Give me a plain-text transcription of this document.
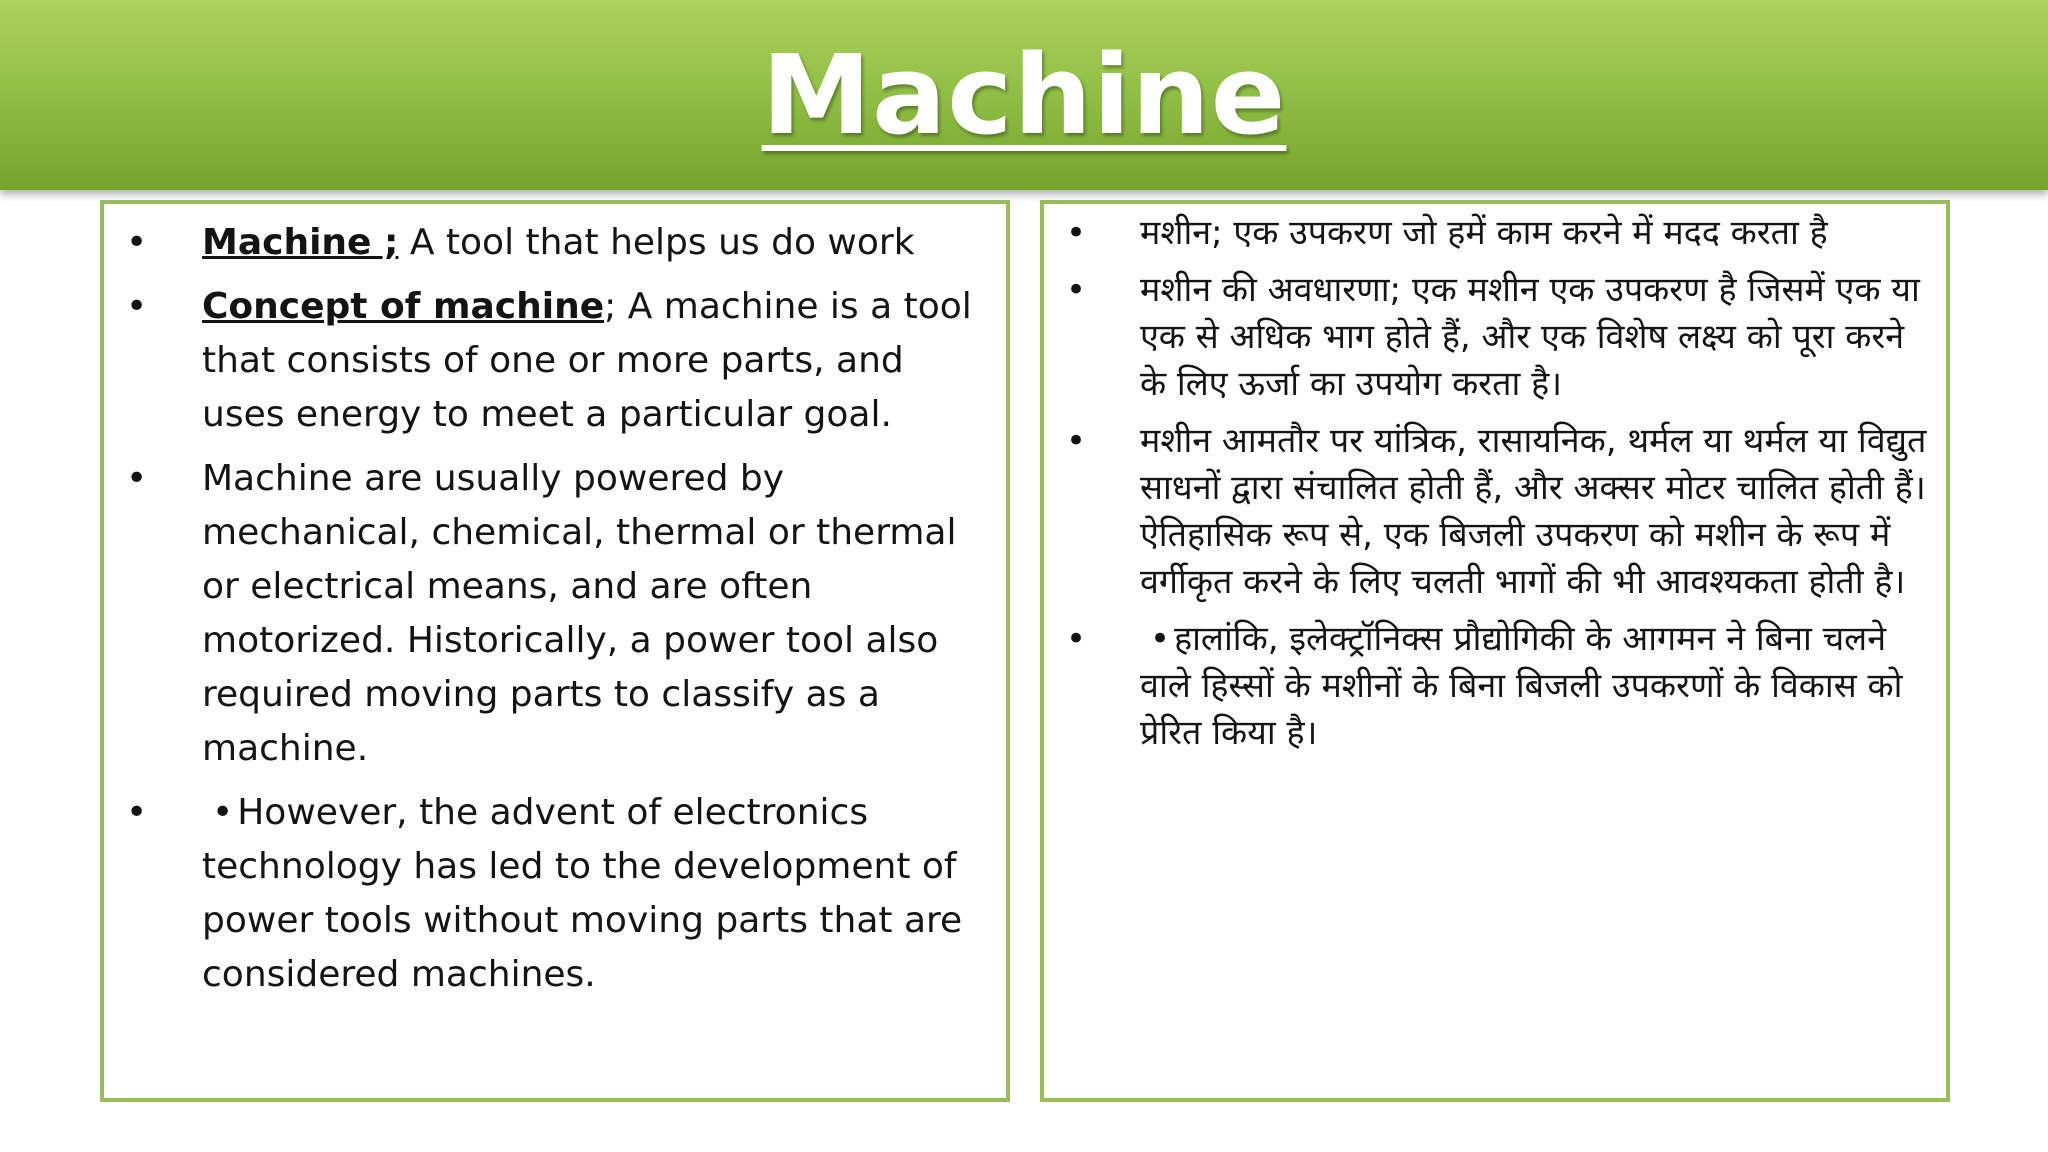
Machine
• Machine ; A tool that helps us do work
• Concept of machine; A machine is a tool that consists of one or more parts, and uses energy to meet a particular goal.
• Machine are usually powered by mechanical, chemical, thermal or thermal or electrical means, and are often motorized. Historically, a power tool also required moving parts to classify as a machine.
• • However, the advent of electronics technology has led to the development of power tools without moving parts that are considered machines.
• मशीन; एक उपकरण जो हमें काम करने में मदद करता है
• मशीन की अवधारणा; एक मशीन एक उपकरण है जिसमें एक या एक से अधिक भाग होते हैं, और एक विशेष लक्ष्य को पूरा करने के लिए ऊर्जा का उपयोग करता है।
• मशीन आमतौर पर यांत्रिक, रासायनिक, थर्मल या थर्मल या विद्युत साधनों द्वारा संचालित होती हैं, और अक्सर मोटर चालित होती हैं। ऐतिहासिक रूप से, एक बिजली उपकरण को मशीन के रूप में वर्गीकृत करने के लिए चलती भागों की भी आवश्यकता होती है।
• • हालांकि, इलेक्ट्रॉनिक्स प्रौद्योगिकी के आगमन ने बिना चलने वाले हिस्सों के मशीनों के बिना बिजली उपकरणों के विकास को प्रेरित किया है।
